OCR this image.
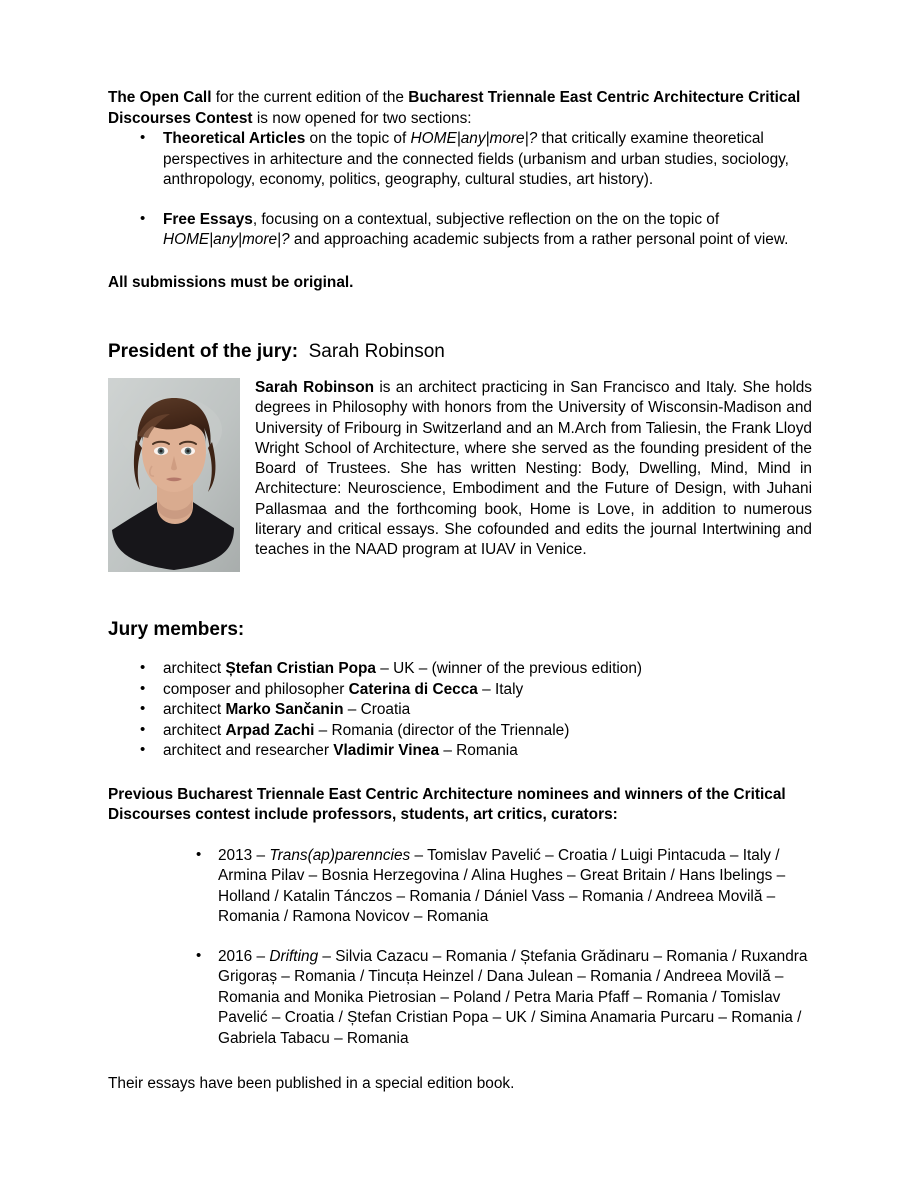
The Open Call for the current edition of the Bucharest Triennale East Centric Architecture Critical Discourses Contest is now opened for two sections:

• Theoretical Articles on the topic of HOME|any|more|? that critically examine theoretical perspectives in arhitecture and the connected fields (urbanism and urban studies, sociology, anthropology, economy, politics, geography, cultural studies, art history).
• Free Essays, focusing on a contextual, subjective reflection on the on the topic of HOME|any|more|? and approaching academic subjects from a rather personal point of view.

All submissions must be original.

President of the jury: Sarah Robinson

Sarah Robinson is an architect practicing in San Francisco and Italy. She holds degrees in Philosophy with honors from the University of Wisconsin-Madison and University of Fribourg in Switzerland and an M.Arch from Taliesin, the Frank Lloyd Wright School of Architecture, where she served as the founding president of the Board of Trustees. She has written Nesting: Body, Dwelling, Mind, Mind in Architecture: Neuroscience, Embodiment and the Future of Design, with Juhani Pallasmaa and the forthcoming book, Home is Love, in addition to numerous literary and critical essays. She cofounded and edits the journal Intertwining and teaches in the NAAD program at IUAV in Venice.

Jury members:
• architect Ștefan Cristian Popa – UK – (winner of the previous edition)
• composer and philosopher Caterina di Cecca – Italy
• architect Marko Sančanin – Croatia
• architect Arpad Zachi – Romania (director of the Triennale)
• architect and researcher Vladimir Vinea – Romania

Previous Bucharest Triennale East Centric Architecture nominees and winners of the Critical Discourses contest include professors, students, art critics, curators:

• 2013 – Trans(ap)parenncies – Tomislav Pavelić – Croatia / Luigi Pintacuda – Italy / Armina Pilav – Bosnia Herzegovina / Alina Hughes – Great Britain / Hans Ibelings – Holland / Katalin Tánczos – Romania / Dániel Vass – Romania / Andreea Movilă – Romania / Ramona Novicov – Romania
• 2016 – Drifting – Silvia Cazacu – Romania / Ștefania Grădinaru – Romania / Ruxandra Grigoraș – Romania / Tincuța Heinzel / Dana Julean – Romania / Andreea Movilă – Romania and Monika Pietrosian – Poland / Petra Maria Pfaff – Romania / Tomislav Pavelić – Croatia / Ștefan Cristian Popa – UK / Simina Anamaria Purcaru – Romania / Gabriela Tabacu – Romania

Their essays have been published in a special edition book.
